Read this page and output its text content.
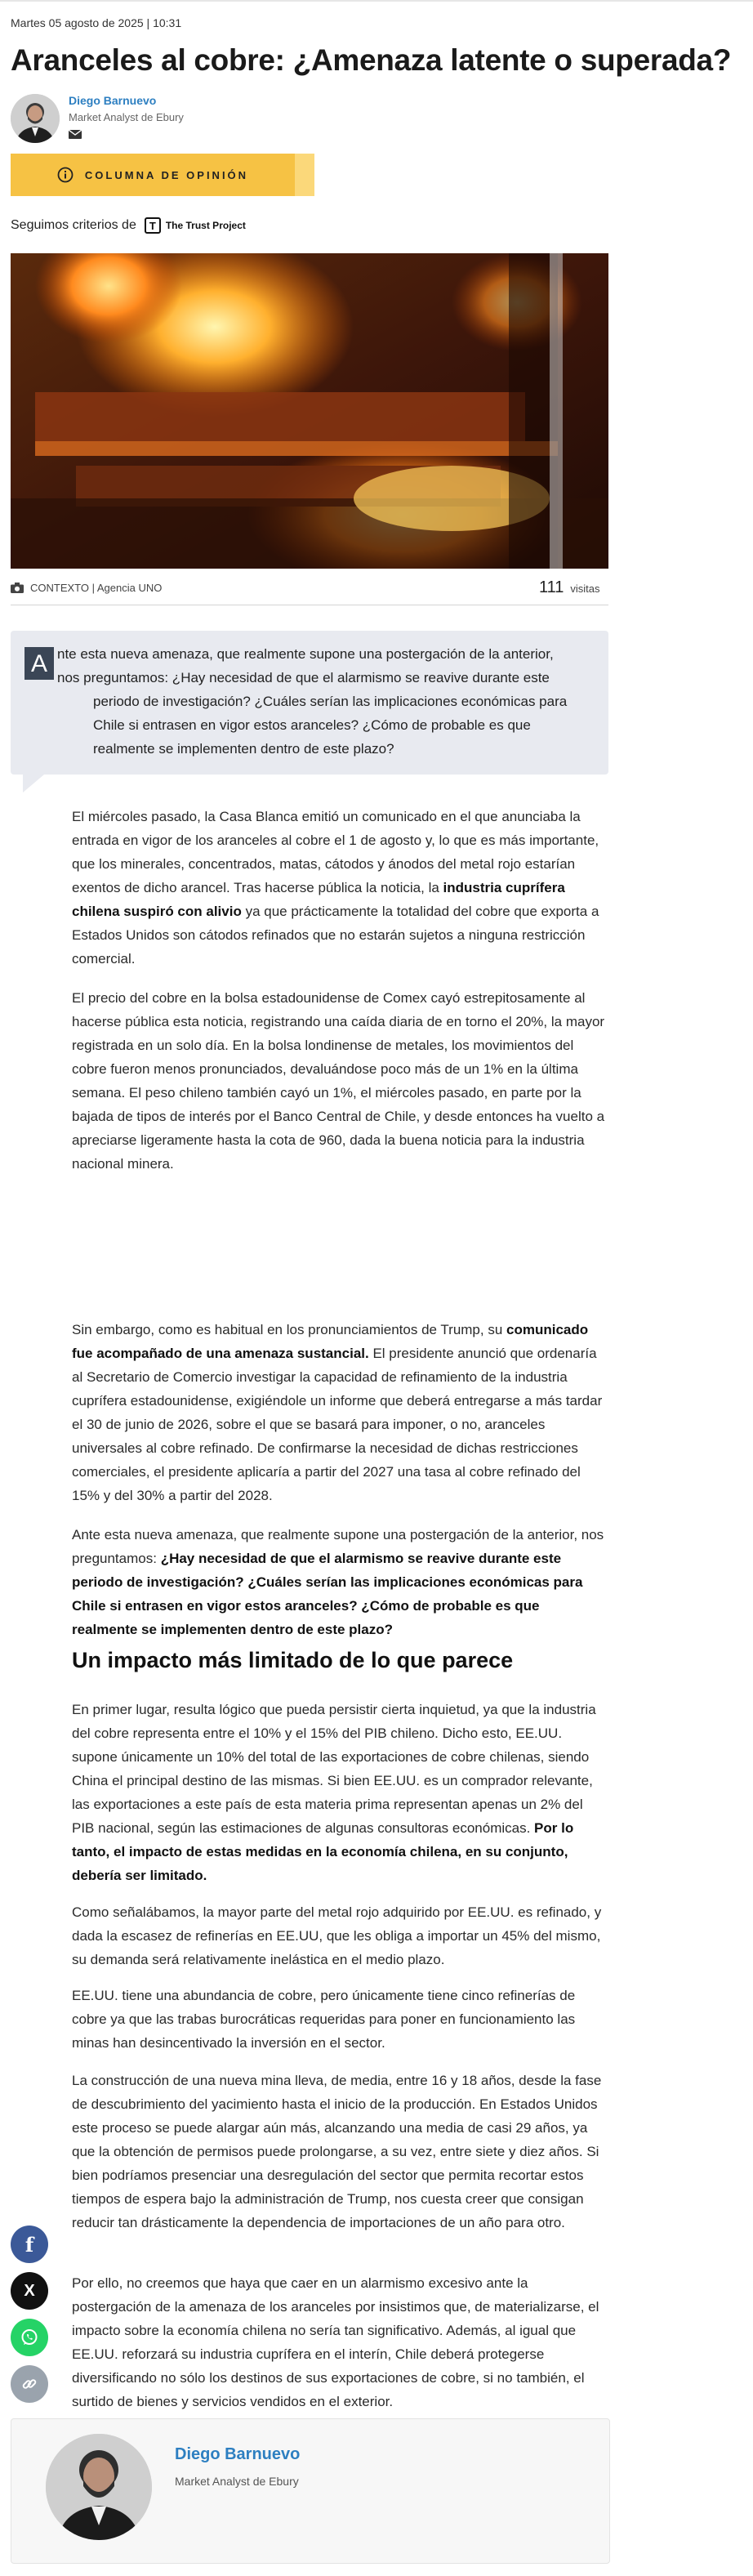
Martes 05 agosto de 2025 | 10:31
Aranceles al cobre: ¿Amenaza latente o superada?
Diego Barnuevo
Market Analyst de Ebury
COLUMNA DE OPINIÓN
Seguimos criterios de	T	The Trust Project
CONTEXTO | Agencia UNO	111 visitas
A nte esta nueva amenaza, que realmente supone una postergación de la anterior,
nos preguntamos: ¿Hay necesidad de que el alarmismo se reavive durante este periodo de investigación? ¿Cuáles serían las implicaciones económicas para Chile si entrasen en vigor estos aranceles? ¿Cómo de probable es que realmente se implementen dentro de este plazo?

El miércoles pasado, la Casa Blanca emitió un comunicado en el que anunciaba la entrada en vigor de los aranceles al cobre el 1 de agosto y, lo que es más importante, que los minerales, concentrados, matas, cátodos y ánodos del metal rojo estarían exentos de dicho arancel. Tras hacerse pública la noticia, la industria cuprífera chilena suspiró con alivio ya que prácticamente la totalidad del cobre que exporta a Estados Unidos son cátodos refinados que no estarán sujetos a ninguna restricción comercial.

El precio del cobre en la bolsa estadounidense de Comex cayó estrepitosamente al hacerse pública esta noticia, registrando una caída diaria de en torno el 20%, la mayor registrada en un solo día. En la bolsa londinense de metales, los movimientos del cobre fueron menos pronunciados, devaluándose poco más de un 1% en la última semana. El peso chileno también cayó un 1%, el miércoles pasado, en parte por la bajada de tipos de interés por el Banco Central de Chile, y desde entonces ha vuelto a apreciarse ligeramente hasta la cota de 960, dada la buena noticia para la industria nacional minera.

Sin embargo, como es habitual en los pronunciamientos de Trump, su comunicado fue acompañado de una amenaza sustancial. El presidente anunció que ordenaría al Secretario de Comercio investigar la capacidad de refinamiento de la industria cuprífera estadounidense, exigiéndole un informe que deberá entregarse a más tardar el 30 de junio de 2026, sobre el que se basará para imponer, o no, aranceles universales al cobre refinado. De confirmarse la necesidad de dichas restricciones comerciales, el presidente aplicaría a partir del 2027 una tasa al cobre refinado del 15% y del 30% a partir del 2028.

Ante esta nueva amenaza, que realmente supone una postergación de la anterior, nos preguntamos: ¿Hay necesidad de que el alarmismo se reavive durante este periodo de investigación? ¿Cuáles serían las implicaciones económicas para Chile si entrasen en vigor estos aranceles? ¿Cómo de probable es que realmente se implementen dentro de este plazo?

Un impacto más limitado de lo que parece

En primer lugar, resulta lógico que pueda persistir cierta inquietud, ya que la industria del cobre representa entre el 10% y el 15% del PIB chileno. Dicho esto, EE.UU. supone únicamente un 10% del total de las exportaciones de cobre chilenas, siendo China el principal destino de las mismas. Si bien EE.UU. es un comprador relevante, las exportaciones a este país de esta materia prima representan apenas un 2% del PIB nacional, según las estimaciones de algunas consultoras económicas. Por lo tanto, el impacto de estas medidas en la economía chilena, en su conjunto, debería ser limitado.

Como señalábamos, la mayor parte del metal rojo adquirido por EE.UU. es refinado, y dada la escasez de refinerías en EE.UU, que les obliga a importar un 45% del mismo, su demanda será relativamente inelástica en el medio plazo.

EE.UU. tiene una abundancia de cobre, pero únicamente tiene cinco refinerías de cobre ya que las trabas burocráticas requeridas para poner en funcionamiento las minas han desincentivado la inversión en el sector.

La construcción de una nueva mina lleva, de media, entre 16 y 18 años, desde la fase de descubrimiento del yacimiento hasta el inicio de la producción. En Estados Unidos este proceso se puede alargar aún más, alcanzando una media de casi 29 años, ya que la obtención de permisos puede prolongarse, a su vez, entre siete y diez años. Si bien podríamos presenciar una desregulación del sector que permita recortar estos tiempos de espera bajo la administración de Trump, nos cuesta creer que consigan reducir tan drásticamente la dependencia de importaciones de un año para otro.

Por ello, no creemos que haya que caer en un alarmismo excesivo ante la postergación de la amenaza de los aranceles por insistimos que, de materializarse, el impacto sobre la economía chilena no sería tan significativo. Además, al igual que EE.UU. reforzará su industria cuprífera en el interín, Chile deberá protegerse diversificando no sólo los destinos de sus exportaciones de cobre, si no también, el surtido de bienes y servicios vendidos en el exterior.

f
X
Diego Barnuevo
Market Analyst de Ebury
